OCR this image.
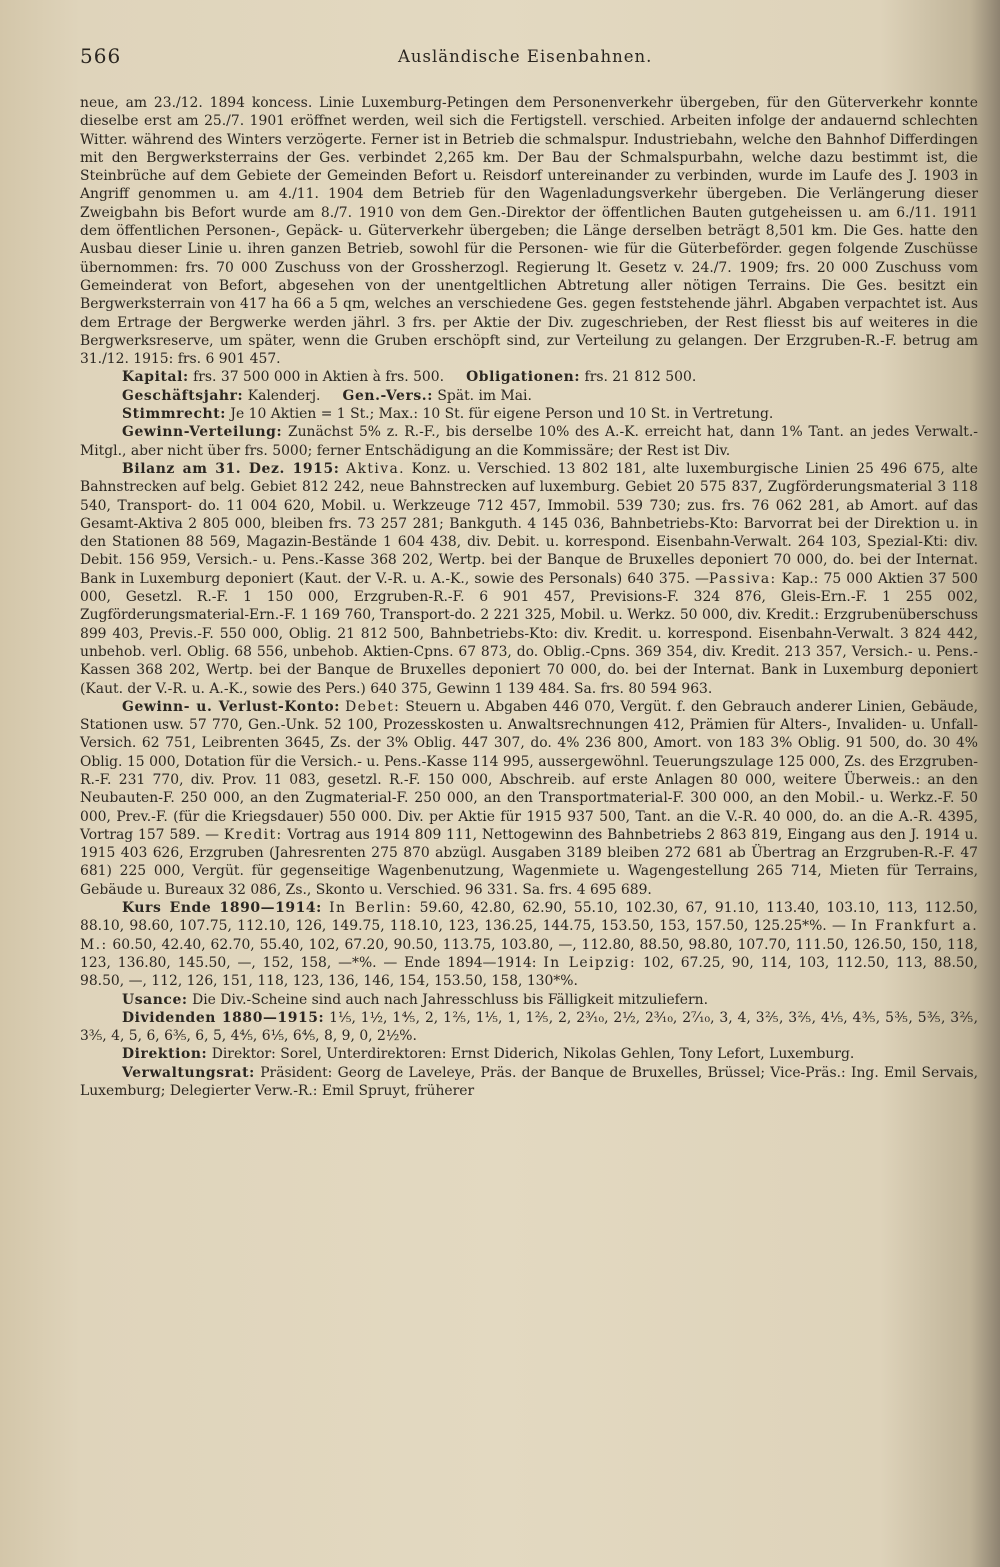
566	Ausländische Eisenbahnen.

neue, am 23./12. 1894 koncess. Linie Luxemburg-Petingen dem Personenverkehr übergeben, für den Güterverkehr konnte dieselbe erst am 25./7. 1901 eröffnet werden, weil sich die Fertigstell. verschied. Arbeiten infolge der andauernd schlechten Witter. während des Winters verzögerte. Ferner ist in Betrieb die schmalspur. Industriebahn, welche den Bahnhof Differdingen mit den Bergwerksterrains der Ges. verbindet 2,265 km. Der Bau der Schmalspurbahn, welche dazu bestimmt ist, die Steinbrüche auf dem Gebiete der Gemeinden Befort u. Reisdorf untereinander zu verbinden, wurde im Laufe des J. 1903 in Angriff genommen u. am 4./11. 1904 dem Betrieb für den Wagenladungsverkehr übergeben. Die Verlängerung dieser Zweigbahn bis Befort wurde am 8./7. 1910 von dem Gen.-Direktor der öffentlichen Bauten gutgeheissen u. am 6./11. 1911 dem öffentlichen Personen-, Gepäck- u. Güterverkehr übergeben; die Länge derselben beträgt 8,501 km. Die Ges. hatte den Ausbau dieser Linie u. ihren ganzen Betrieb, sowohl für die Personen- wie für die Güterbeförder. gegen folgende Zuschüsse übernommen: frs. 70 000 Zuschuss von der Grossherzogl. Regierung lt. Gesetz v. 24./7. 1909; frs. 20 000 Zuschuss vom Gemeinderat von Befort, abgesehen von der unentgeltlichen Abtretung aller nötigen Terrains. Die Ges. besitzt ein Bergwerksterrain von 417 ha 66 a 5 qm, welches an verschiedene Ges. gegen feststehende jährl. Abgaben verpachtet ist. Aus dem Ertrage der Bergwerke werden jährl. 3 frs. per Aktie der Div. zugeschrieben, der Rest fliesst bis auf weiteres in die Bergwerksreserve, um später, wenn die Gruben erschöpft sind, zur Verteilung zu gelangen. Der Erzgruben-R.-F. betrug am 31./12. 1915: frs. 6 901 457.

Kapital: frs. 37 500 000 in Aktien à frs. 500. Obligationen: frs. 21 812 500.

Geschäftsjahr: Kalenderj. Gen.-Vers.: Spät. im Mai.

Stimmrecht: Je 10 Aktien = 1 St.; Max.: 10 St. für eigene Person und 10 St. in Vertretung.

Gewinn-Verteilung: Zunächst 5% z. R.-F., bis derselbe 10% des A.-K. erreicht hat, dann 1% Tant. an jedes Verwalt.-Mitgl., aber nicht über frs. 5000; ferner Entschädigung an die Kommissäre; der Rest ist Div.

Bilanz am 31. Dez. 1915: Aktiva. Konz. u. Verschied. 13 802 181, alte luxemburgische Linien 25 496 675, alte Bahnstrecken auf belg. Gebiet 812 242, neue Bahnstrecken auf luxemburg. Gebiet 20 575 837, Zugförderungsmaterial 3 118 540, Transport- do. 11 004 620, Mobil. u. Werkzeuge 712 457, Immobil. 539 730; zus. frs. 76 062 281, ab Amort. auf das Gesamt-Aktiva 2 805 000, bleiben frs. 73 257 281; Bankguth. 4 145 036, Bahnbetriebs-Kto: Barvorrat bei der Direktion u. in den Stationen 88 569, Magazin-Bestände 1 604 438, div. Debit. u. korrespond. Eisenbahn-Verwalt. 264 103, Spezial-Kti: div. Debit. 156 959, Versich.- u. Pens.-Kasse 368 202, Wertp. bei der Banque de Bruxelles deponiert 70 000, do. bei der Internat. Bank in Luxemburg deponiert (Kaut. der V.-R. u. A.-K., sowie des Personals) 640 375. —Passiva: Kap.: 75 000 Aktien 37 500 000, Gesetzl. R.-F. 1 150 000, Erzgruben-R.-F. 6 901 457, Previsions-F. 324 876, Gleis-Ern.-F. 1 255 002, Zugförderungsmaterial-Ern.-F. 1 169 760, Transport-do. 2 221 325, Mobil. u. Werkz. 50 000, div. Kredit.: Erzgrubenüberschuss 899 403, Previs.-F. 550 000, Oblig. 21 812 500, Bahnbetriebs-Kto: div. Kredit. u. korrespond. Eisenbahn-Verwalt. 3 824 442, unbehob. verl. Oblig. 68 556, unbehob. Aktien-Cpns. 67 873, do. Oblig.-Cpns. 369 354, div. Kredit. 213 357, Versich.- u. Pens.-Kassen 368 202, Wertp. bei der Banque de Bruxelles deponiert 70 000, do. bei der Internat. Bank in Luxemburg deponiert (Kaut. der V.-R. u. A.-K., sowie des Pers.) 640 375, Gewinn 1 139 484. Sa. frs. 80 594 963.

Gewinn- u. Verlust-Konto: Debet: Steuern u. Abgaben 446 070, Vergüt. f. den Gebrauch anderer Linien, Gebäude, Stationen usw. 57 770, Gen.-Unk. 52 100, Prozesskosten u. Anwaltsrechnungen 412, Prämien für Alters-, Invaliden- u. Unfall-Versich. 62 751, Leibrenten 3645, Zs. der 3% Oblig. 447 307, do. 4% 236 800, Amort. von 183 3% Oblig. 91 500, do. 30 4% Oblig. 15 000, Dotation für die Versich.- u. Pens.-Kasse 114 995, aussergewöhnl. Teuerungszulage 125 000, Zs. des Erzgruben-R.-F. 231 770, div. Prov. 11 083, gesetzl. R.-F. 150 000, Abschreib. auf erste Anlagen 80 000, weitere Überweis.: an den Neubauten-F. 250 000, an den Zugmaterial-F. 250 000, an den Transportmaterial-F. 300 000, an den Mobil.- u. Werkz.-F. 50 000, Prev.-F. (für die Kriegsdauer) 550 000. Div. per Aktie für 1915 937 500, Tant. an die V.-R. 40 000, do. an die A.-R. 4395, Vortrag 157 589. — Kredit: Vortrag aus 1914 809 111, Nettogewinn des Bahnbetriebs 2 863 819, Eingang aus den J. 1914 u. 1915 403 626, Erzgruben (Jahresrenten 275 870 abzügl. Ausgaben 3189 bleiben 272 681 ab Übertrag an Erzgruben-R.-F. 47 681) 225 000, Vergüt. für gegenseitige Wagenbenutzung, Wagenmiete u. Wagengestellung 265 714, Mieten für Terrains, Gebäude u. Bureaux 32 086, Zs., Skonto u. Verschied. 96 331. Sa. frs. 4 695 689.

Kurs Ende 1890—1914: In Berlin: 59.60, 42.80, 62.90, 55.10, 102.30, 67, 91.10, 113.40, 103.10, 113, 112.50, 88.10, 98.60, 107.75, 112.10, 126, 149.75, 118.10, 123, 136.25, 144.75, 153.50, 153, 157.50, 125.25*%. — In Frankfurt a. M.: 60.50, 42.40, 62.70, 55.40, 102, 67.20, 90.50, 113.75, 103.80, —, 112.80, 88.50, 98.80, 107.70, 111.50, 126.50, 150, 118, 123, 136.80, 145.50, —, 152, 158, —*%. — Ende 1894—1914: In Leipzig: 102, 67.25, 90, 114, 103, 112.50, 113, 88.50, 98.50, —, 112, 126, 151, 118, 123, 136, 146, 154, 153.50, 158, 130*%.

Usance: Die Div.-Scheine sind auch nach Jahresschluss bis Fälligkeit mitzuliefern.

Dividenden 1880—1915: 1⅕, 1½, 1⅘, 2, 1⅖, 1⅕, 1, 1⅖, 2, 2³⁄₁₀, 2½, 2³⁄₁₀, 2⁷⁄₁₀, 3, 4, 3⅖, 3⅖, 4⅕, 4⅗, 5⅗, 5⅗, 3⅖, 3⅗, 4, 5, 6, 6⅗, 6, 5, 4⅘, 6⅕, 6⅘, 8, 9, 0, 2½%.

Direktion: Direktor: Sorel, Unterdirektoren: Ernst Diderich, Nikolas Gehlen, Tony Lefort, Luxemburg.

Verwaltungsrat: Präsident: Georg de Laveleye, Präs. der Banque de Bruxelles, Brüssel; Vice-Präs.: Ing. Emil Servais, Luxemburg; Delegierter Verw.-R.: Emil Spruyt, früherer
